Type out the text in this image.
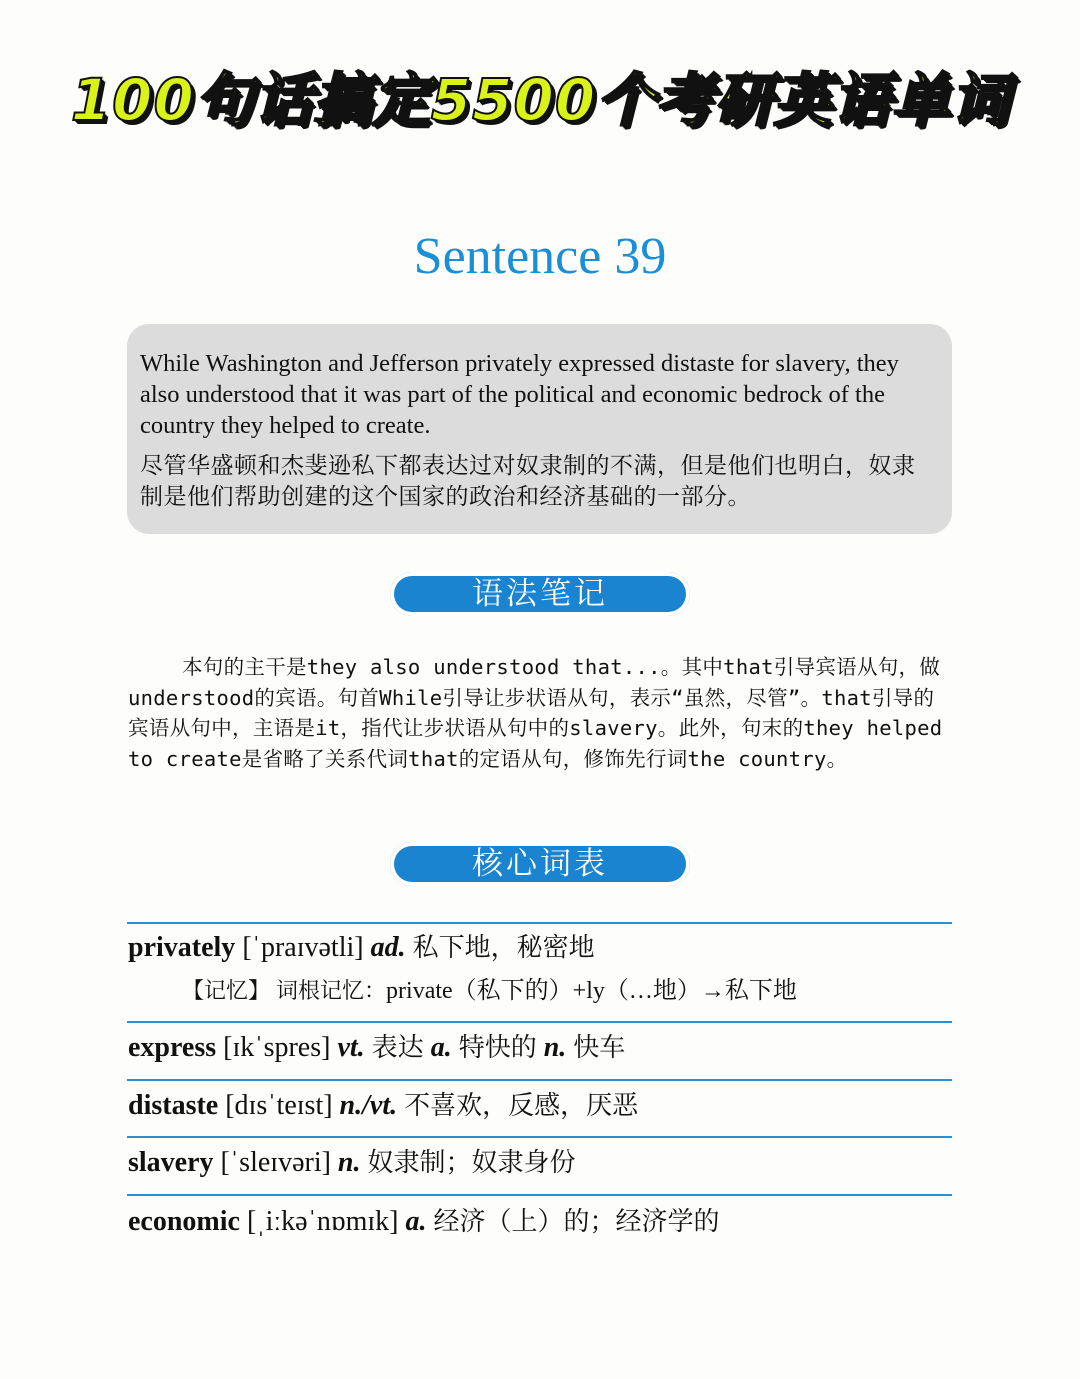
100句话搞定5500个考研英语单词
Sentence 39
While Washington and Jefferson privately expressed distaste for slavery, they also understood that it was part of the political and economic bedrock of the country they helped to create.
尽管华盛顿和杰斐逊私下都表达过对奴隶制的不满，但是他们也明白，奴隶制是他们帮助创建的这个国家的政治和经济基础的一部分。
语法笔记
本句的主干是they also understood that...。其中that引导宾语从句，做understood的宾语。句首While引导让步状语从句，表示“虽然，尽管”。that引导的宾语从句中，主语是it，指代让步状语从句中的slavery。此外，句末的they helped to create是省略了关系代词that的定语从句，修饰先行词the country。
核心词表
privately [ˈpraɪvətli] ad. 私下地，秘密地
【记忆】 词根记忆：private（私下的）+ly（…地）→私下地
express [ɪkˈspres] vt. 表达 a. 特快的 n. 快车
distaste [dɪsˈteɪst] n./vt. 不喜欢，反感，厌恶
slavery [ˈsleɪvəri] n. 奴隶制；奴隶身份
economic [ˌiːkəˈnɒmɪk] a. 经济（上）的；经济学的
